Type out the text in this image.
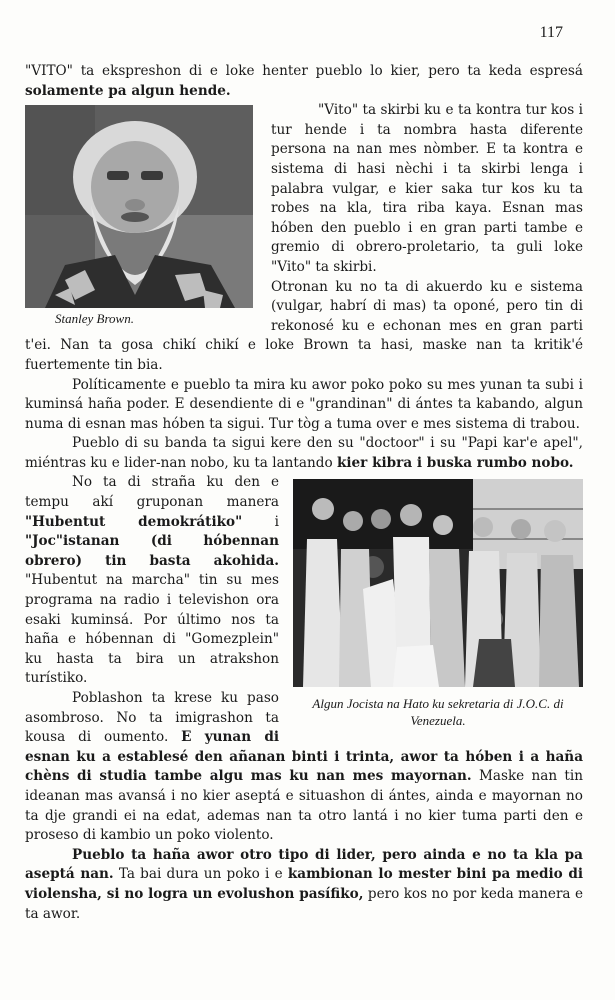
117

"VITO" ta ekspreshon di e loke henter pueblo lo kier, pero ta keda espresá solamente pa algun hende.

Stanley Brown.

"Vito" ta skirbi ku e ta kontra tur kos i tur hende i ta nombra hasta diferente persona na nan mes nòmber. E ta kontra e sistema di hasi nèchi i ta skirbi lenga i palabra vulgar, e kier saka tur kos ku ta robes na kla, tira riba kaya. Esnan mas hóben den pueblo i en gran parti tambe e gremio di obrero-proletario, ta guli loke "Vito" ta skirbi.

Otronan ku no ta di akuerdo ku e sistema (vulgar, habrí di mas) ta oponé, pero tin di rekonosé ku e echonan mes en gran parti t'ei. Nan ta gosa chikí chikí e loke Brown ta hasi, maske nan ta kritik'é fuertemente tin bia.

Políticamente e pueblo ta mira ku awor poko poko su mes yunan ta subi i kuminsá haña poder. E desendiente di e "grandinan" di ántes ta kabando, algun numa di esnan mas hóben ta sigui. Tur tòg a tuma over e mes sistema di trabou.

Pueblo di su banda ta sigui kere den su "doctoor" i su "Papi kar'e apel", miéntras ku e lider-nan nobo, ku ta lantando kier kibra i buska rumbo nobo.

Algun Jocista na Hato ku sekretaria di J.O.C. di
Venezuela.

No ta di straña ku den e tempu akí gruponan manera "Hubentut demokrátiko" i "Joc"istanan (di hóbennan obrero) tin basta akohida. "Hubentut na marcha" tin su mes programa na radio i televishon ora esaki kuminsá. Por último nos ta haña e hóbennan di "Gomezplein" ku hasta ta bira un atrakshon turístiko.

Poblashon ta krese ku paso asombroso. No ta imigrashon ta kousa di oumento. E yunan di esnan ku a establesé den añanan binti i trinta, awor ta hóben i a haña chèns di studia tambe algu mas ku nan mes mayornan. Maske nan tin ideanan mas avansá i no kier aseptá e situashon di ántes, ainda e mayornan no ta dje grandi ei na edat, ademas nan ta otro lantá i no kier tuma parti den e proseso di kambio un poko violento.

Pueblo ta haña awor otro tipo di lider, pero ainda e no ta kla pa aseptá nan. Ta bai dura un poko i e kambionan lo mester bini pa medio di violensha, si no logra un evolushon pasífiko, pero kos no por keda manera e ta awor.
